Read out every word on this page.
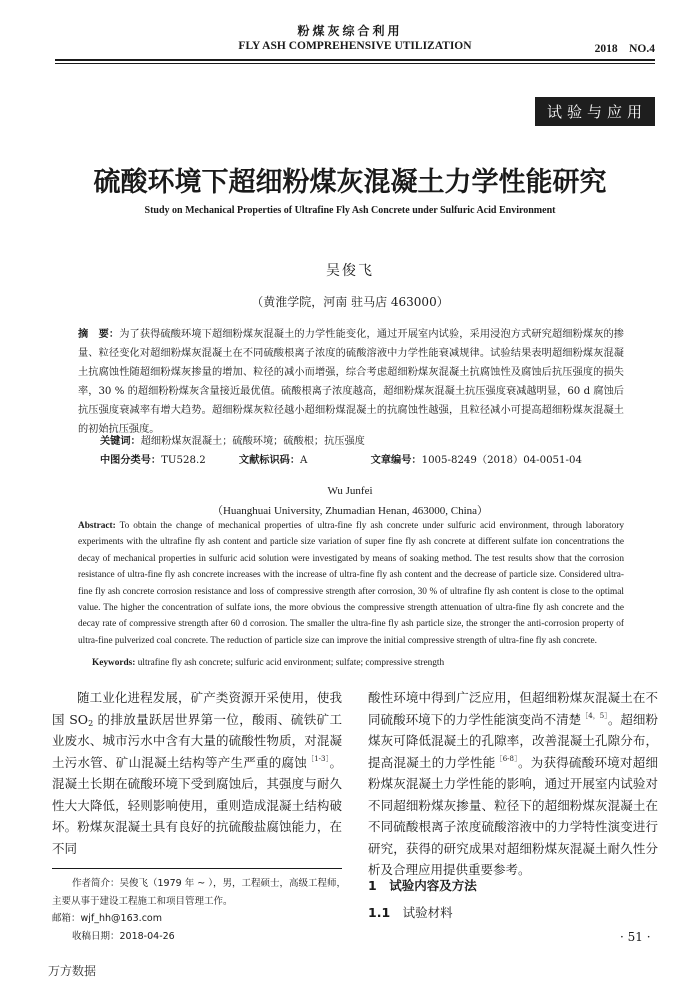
粉煤灰综合利用
FLY ASH COMPREHENSIVE UTILIZATION	2018　NO.4
试验与应用
硫酸环境下超细粉煤灰混凝土力学性能研究
Study on Mechanical Properties of Ultrafine Fly Ash Concrete under Sulfuric Acid Environment
吴俊飞
（黄淮学院，河南 驻马店 463000）
摘　要：为了获得硫酸环境下超细粉煤灰混凝土的力学性能变化，通过开展室内试验，采用浸泡方式研究超细粉煤灰的掺量、粒径变化对超细粉煤灰混凝土在不同硫酸根离子浓度的硫酸溶液中力学性能衰减规律。试验结果表明超细粉煤灰混凝土抗腐蚀性随超细粉煤灰掺量的增加、粒径的减小而增强，综合考虑超细粉煤灰混凝土抗腐蚀性及腐蚀后抗压强度的损失率，30 % 的超细粉粉煤灰含量接近最优值。硫酸根离子浓度越高，超细粉煤灰混凝土抗压强度衰减越明显，60 d 腐蚀后抗压强度衰减率有增大趋势。超细粉煤灰粒径越小超细粉煤混凝土的抗腐蚀性越强，且粒径减小可提高超细粉煤灰混凝土的初始抗压强度。
关键词：超细粉煤灰混凝土；硫酸环境；硫酸根；抗压强度
中图分类号：TU528.2	文献标识码：A	文章编号：1005-8249（2018）04-0051-04
Wu Junfei
（Huanghuai University, Zhumadian Henan, 463000, China）
Abstract: To obtain the change of mechanical properties of ultra-fine fly ash concrete under sulfuric acid environment, through laboratory experiments with the ultrafine fly ash content and particle size variation of super fine fly ash concrete at different sulfate ion concentrations the decay of mechanical properties in sulfuric acid solution were investigated by means of soaking method. The test results show that the corrosion resistance of ultra-fine fly ash concrete increases with the increase of ultra-fine fly ash content and the decrease of particle size. Considered ultra-fine fly ash concrete corrosion resistance and loss of compressive strength after corrosion, 30 % of ultrafine fly ash content is close to the optimal value. The higher the concentration of sulfate ions, the more obvious the compressive strength attenuation of ultra-fine fly ash concrete and the decay rate of compressive strength after 60 d corrosion. The smaller the ultra-fine fly ash particle size, the stronger the anti-corrosion property of ultra-fine pulverized coal concrete. The reduction of particle size can improve the initial compressive strength of ultra-fine fly ash concrete.
Keywords: ultrafine fly ash concrete; sulfuric acid environment; sulfate; compressive strength
随工业化进程发展，矿产类资源开采使用，使我国 $SO_2$ 的排放量跃居世界第一位，酸雨、硫铁矿工业废水、城市污水中含有大量的硫酸性物质，对混凝土污水管、矿山混凝土结构等产生严重的腐蚀$^{[1-3]}$。混凝土长期在硫酸环境下受到腐蚀后，其强度与耐久性大大降低，轻则影响使用，重则造成混凝土结构破坏。粉煤灰混凝土具有良好的抗硫酸盐腐蚀能力，在不同
酸性环境中得到广泛应用，但超细粉煤灰混凝土在不同硫酸环境下的力学性能演变尚不清楚$^{[4,5]}$。超细粉煤灰可降低混凝土的孔隙率，改善混凝土孔隙分布，提高混凝土的力学性能$^{[6-8]}$。为获得硫酸环境对超细粉煤灰混凝土力学性能的影响，通过开展室内试验对不同超细粉煤灰掺量、粒径下的超细粉煤灰混凝土在不同硫酸根离子浓度硫酸溶液中的力学特性演变进行研究，获得的研究成果对超细粉煤灰混凝土耐久性分析及合理应用提供重要参考。
作者简介：吴俊飞（1979 年 ~ ），男，工程硕士，高级工程师，
主要从事于建设工程施工和项目管理工作。
邮箱：wjf_hh@163.com
收稿日期：2018-04-26
1　试验内容及方法
1.1　试验材料
· 51 ·
万方数据
